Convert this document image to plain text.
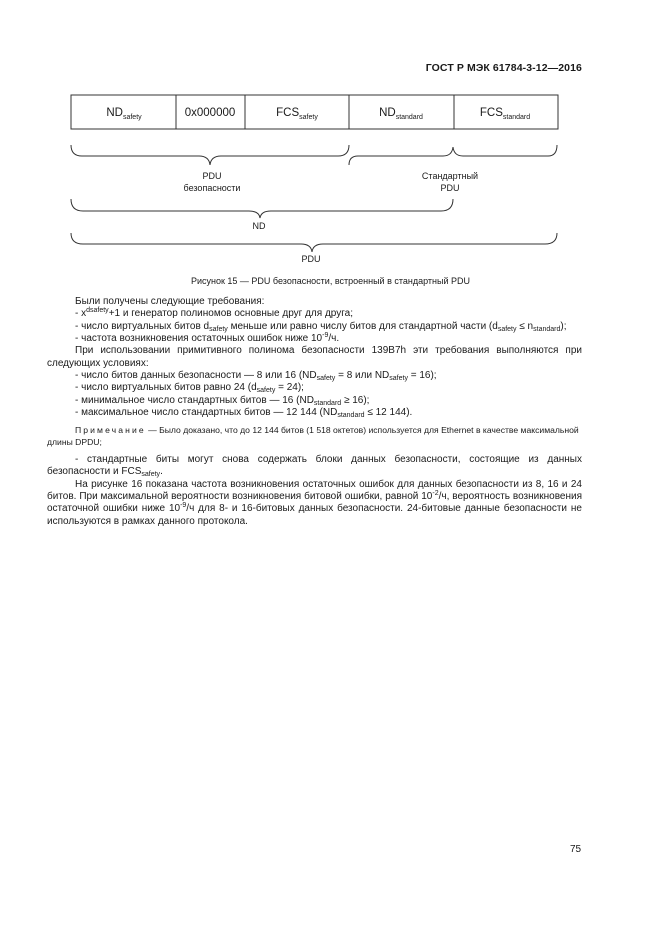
ГОСТ Р МЭК 61784-3-12—2016
$ND_{safety}$	0x000000	$FCS_{safety}$	$ND_{standard}$	$FCS_{standard}$
PDU
безопасности
Стандартный
PDU
ND
PDU
Рисунок 15 — PDU безопасности, встроенный в стандартный PDU

Были получены следующие требования:

- $x^{dsafety}+1$ и генератор полиномов основные друг для друга;

- число виртуальных битов $d_{safety}$ меньше или равно числу битов для стандартной части $(d_{safety} \le n_{standard})$;

- частота возникновения остаточных ошибок ниже $10^{-9}/ч$.

При использовании примитивного полинома безопасности 139B7h эти требования выполняются при следующих условиях:

- число битов данных безопасности — 8 или 16 ($ND_{safety} = 8$ или $ND_{safety} = 16$);

- число виртуальных битов равно 24 $(d_{safety} = 24)$;

- минимальное число стандартных битов — 16 $(ND_{standard} \ge 16)$;

- максимальное число стандартных битов — 12 144 ($ND_{standard} \le 12$ 144).

Примечание — Было доказано, что до 12 144 битов (1 518 октетов) используется для Ethernet в качестве максимальной длины DPDU;

- стандартные биты могут снова содержать блоки данных безопасности, состоящие из данных безопасности и $FCS_{safety}$.

На рисунке 16 показана частота возникновения остаточных ошибок для данных безопасности из 8, 16 и 24 битов. При максимальной вероятности возникновения битовой ошибки, равной $10^{-2}/ч$, вероятность возникновения остаточной ошибки ниже $10^{-9}/ч$ для 8- и 16-битовых данных безопасности. 24-битовые данные безопасности не используются в рамках данного протокола.

75
